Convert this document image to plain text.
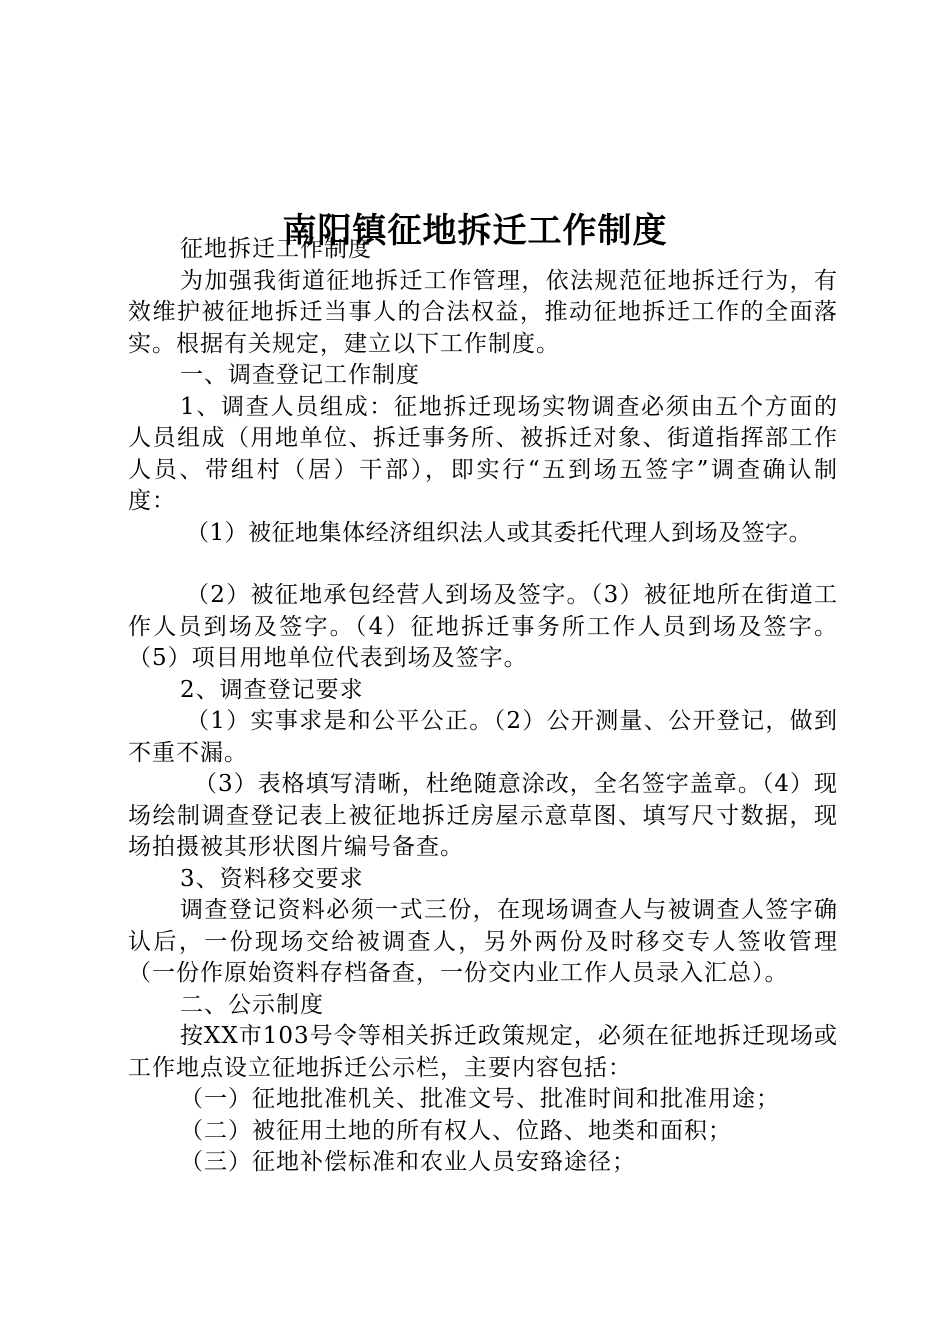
南阳镇征地拆迁工作制度

征地拆迁工作制度

为加强我街道征地拆迁工作管理，依法规范征地拆迁行为，有效维护被征地拆迁当事人的合法权益，推动征地拆迁工作的全面落实。根据有关规定，建立以下工作制度。

一、调查登记工作制度

1、调查人员组成：征地拆迁现场实物调查必须由五个方面的人员组成（用地单位、拆迁事务所、被拆迁对象、街道指挥部工作人员、带组村（居）干部），即实行“五到场五签字”调查确认制度：

（1）被征地集体经济组织法人或其委托代理人到场及签字。

（2）被征地承包经营人到场及签字。（3）被征地所在街道工作人员到场及签字。（4）征地拆迁事务所工作人员到场及签字。（5）项目用地单位代表到场及签字。

2、调查登记要求

（1）实事求是和公平公正。（2）公开测量、公开登记，做到不重不漏。

（3）表格填写清晰，杜绝随意涂改，全名签字盖章。（4）现场绘制调查登记表上被征地拆迁房屋示意草图、填写尺寸数据，现场拍摄被其形状图片编号备查。

3、资料移交要求

调查登记资料必须一式三份，在现场调查人与被调查人签字确认后，一份现场交给被调查人，另外两份及时移交专人签收管理（一份作原始资料存档备查，一份交内业工作人员录入汇总）。

二、公示制度

按XX市103号令等相关拆迁政策规定，必须在征地拆迁现场或工作地点设立征地拆迁公示栏，主要内容包括：

（一）征地批准机关、批准文号、批准时间和批准用途；

（二）被征用土地的所有权人、位路、地类和面积；

（三）征地补偿标准和农业人员安臵途径；
